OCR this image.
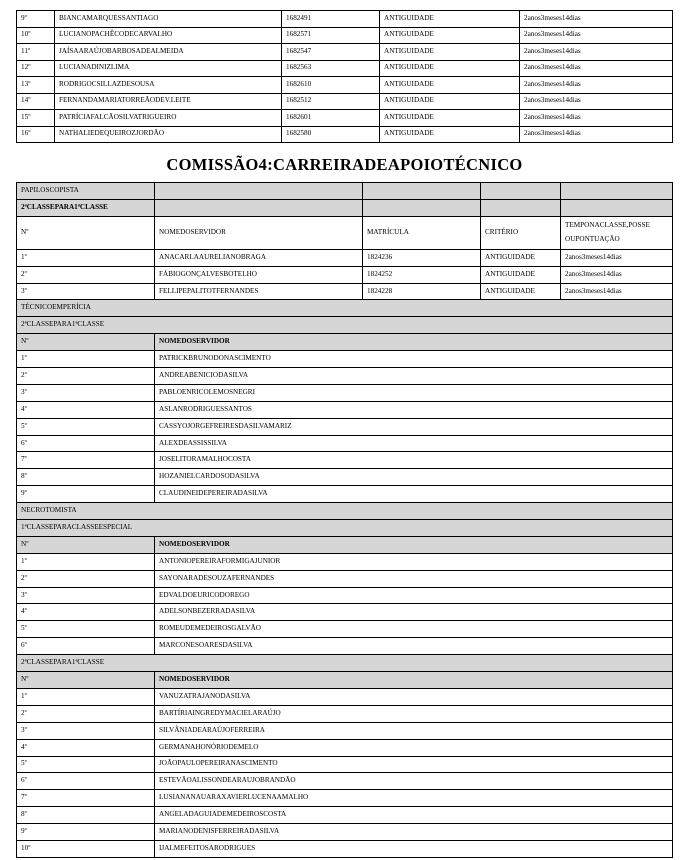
9º	BIANCAMARQUESSANTIAGO	1682491	ANTIGUIDADE	2anos3meses14dias
10º	LUCIANOPACHÊCODECARVALHO	1682571	ANTIGUIDADE	2anos3meses14dias
11º	JAÍSAARAÚJOBARBOSADEALMEIDA	1682547	ANTIGUIDADE	2anos3meses14dias
12º	LUCIANADINIZLIMA	1682563	ANTIGUIDADE	2anos3meses14dias
13º	RODRIGOCSILLAZDESOUSA	1682610	ANTIGUIDADE	2anos3meses14dias
14º	FERNANDAMARIATORREÃODEV.LEITE	1682512	ANTIGUIDADE	2anos3meses14dias
15º	PATRÍCIAFALCÃOSILVATRIGUEIRO	1682601	ANTIGUIDADE	2anos3meses14dias
16º	NATHALIEDEQUEIROZJORDÃO	1682580	ANTIGUIDADE	2anos3meses14dias
COMISSÃO4:CARREIRADEAPOIOTÉCNICO
PAPILOSCOPISTA				
2ªCLASSEPARA1ªCLASSE				
Nº	NOMEDOSERVIDOR	MATRÍCULA	CRITÉRIO	TEMPONACLASSE,POSSE OUPONTUAÇÃO
1º	ANACARLAAURELIANOBRAGA	1824236	ANTIGUIDADE	2anos3meses14dias
2º	FÁBIOGONÇALVESBOTELHO	1824252	ANTIGUIDADE	2anos3meses14dias
3º	FELLIPEPALITOTFERNANDES	1824228	ANTIGUIDADE	2anos3meses14dias
TÉCNICOEMPERÍCIA				
2ªCLASSEPARA1ªCLASSE				
Nº	NOMEDOSERVIDOR			
1º	PATRICKBRUNODONASCIMENTO			
2º	ANDREABENICIODASILVA			
3º	PABLOENRICOLEMOSNEGRI			
4º	ASLANRODRIGUESSANTOS			
5º	CASSYOJORGEFREIRESDASILVAMARIZ			
6º	ALEXDEASSISSILVA			
7º	JOSELITORAMALHOCOSTA			
8º	HOZANIELCARDOSODASILVA			
9º	CLAUDINEIDEPEREIRADASILVA			
NECROTOMISTA				
1ªCLASSEPARACLASSEESPECIAL				
Nº	NOMEDOSERVIDOR			
1º	ANTONIOPEREIRAFORMIGAJUNIOR			
2º	SAYONARADESOUZAFERNANDES			
3º	EDVALDOEURICODOREGO			
4º	ADELSONBEZERRADASILVA			
5º	ROMEUDEMEDEIROSGALVÃO			
6º	MARCONESOARESDASILVA			
2ªCLASSEPARA1ªCLASSE				
Nº	NOMEDOSERVIDOR			
1º	VANUZATRAJANODASILVA			
2º	BARTÍRIAINGREDYMACIELARAÚJO			
3º	SILVÂNIADEARAÚJOFERREIRA			
4º	GERMANAHONÓRIODEMELO			
5º	JOÃOPAULOPEREIRANASCIMENTO			
6º	ESTEVÃOALISSONDEARAUJOBRANDÃO			
7º	LUSIANANAUARAXAVIERLUCENAAMALHO			
8º	ANGELADAGUIADEMEDEIROSCOSTA			
9º	MARIANODENISFERREIRADASILVA			
10º	IJALMEFEITOSARODRIGUES			
